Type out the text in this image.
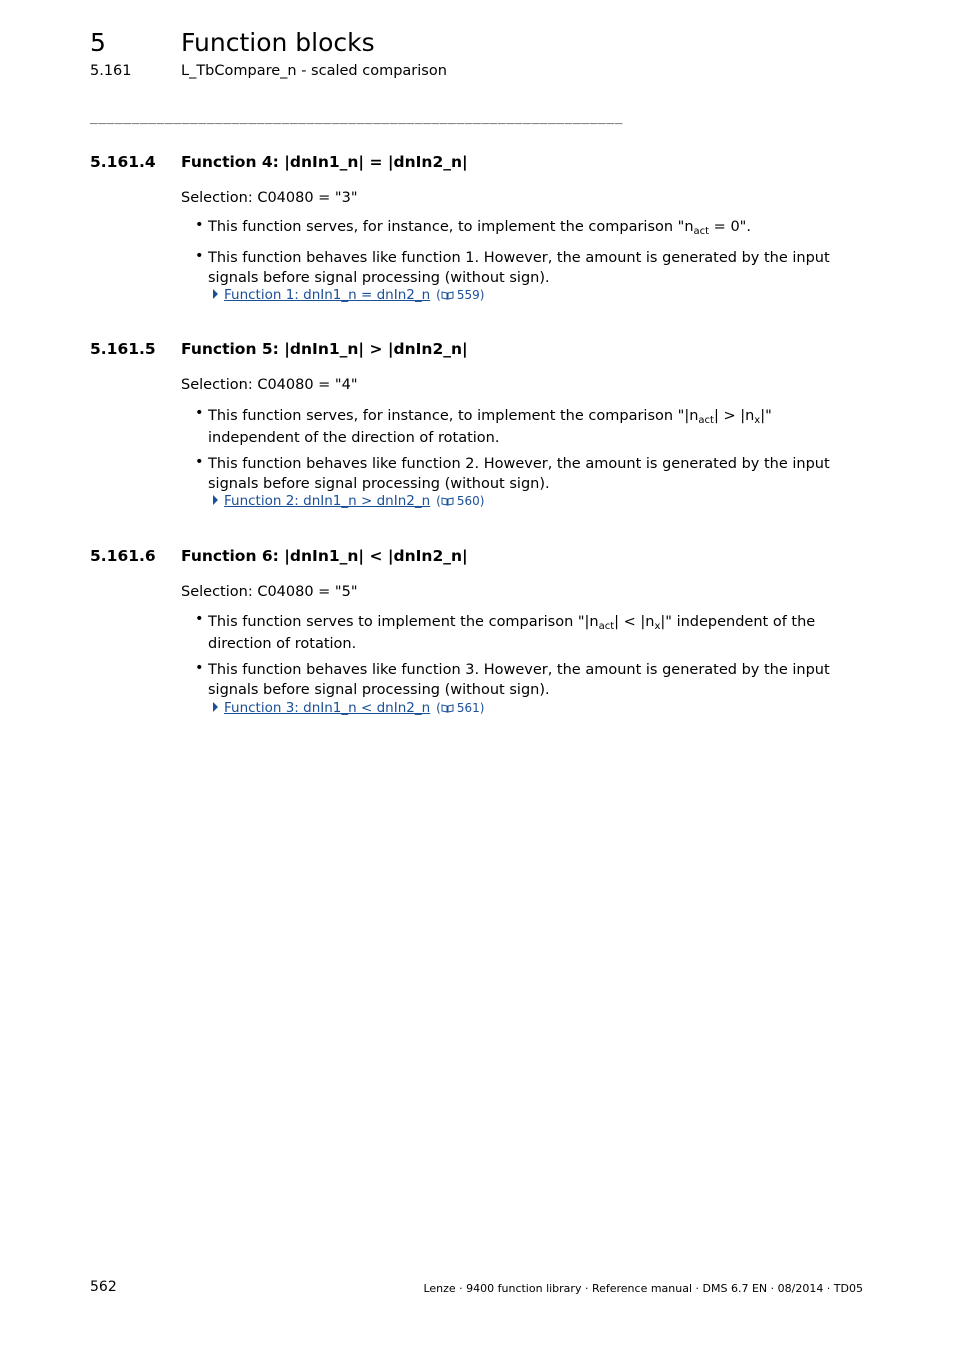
5	Function blocks
5.161	L_TbCompare_n - scaled comparison
________________________________________________________________
5.161.4 Function 4: |dnIn1_n| = |dnIn2_n|
Selection: C04080 = "3"
• This function serves, for instance, to implement the comparison "$n_{act} = 0$".
• This function behaves like function 1. However, the amount is generated by the input signals before signal processing (without sign).
Function 1: dnIn1_n = dnIn2_n ( 559)
5.161.5 Function 5: |dnIn1_n| > |dnIn2_n|
Selection: C04080 = "4"
• This function serves, for instance, to implement the comparison "$|n_{act}| > |n_x|$" independent of the direction of rotation.
• This function behaves like function 2. However, the amount is generated by the input signals before signal processing (without sign).
Function 2: dnIn1_n > dnIn2_n ( 560)
5.161.6 Function 6: |dnIn1_n| < |dnIn2_n|
Selection: C04080 = "5"
• This function serves to implement the comparison "$|n_{act}| < |n_x|$" independent of the direction of rotation.
• This function behaves like function 3. However, the amount is generated by the input signals before signal processing (without sign).
Function 3: dnIn1_n < dnIn2_n ( 561)
562	Lenze · 9400 function library · Reference manual · DMS 6.7 EN · 08/2014 · TD05
